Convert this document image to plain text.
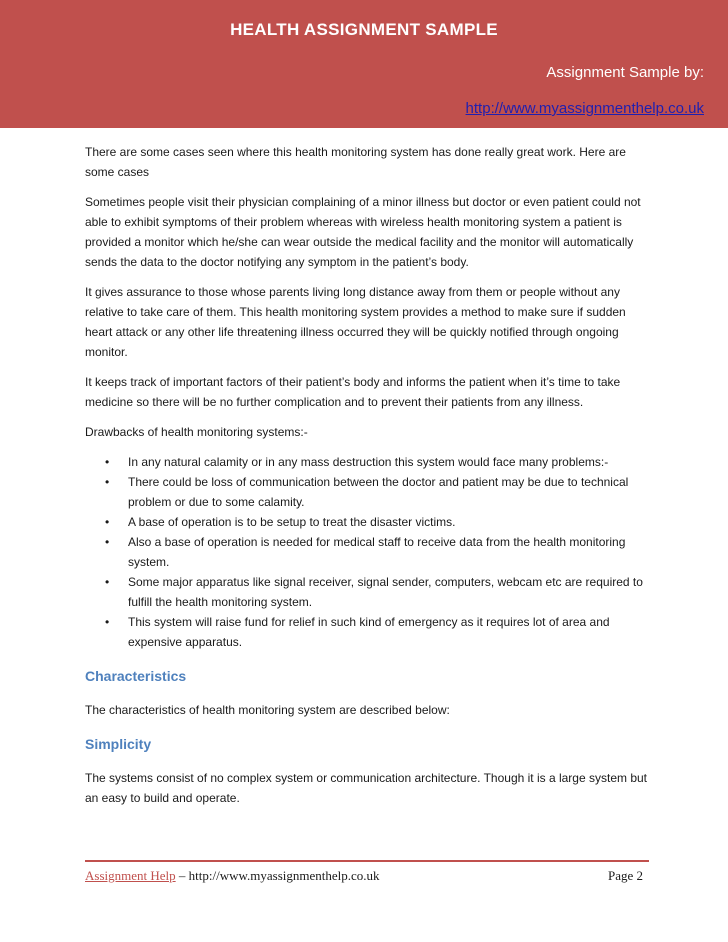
HEALTH ASSIGNMENT SAMPLE
Assignment Sample by:
http://www.myassignmenthelp.co.uk

There are some cases seen where this health monitoring system has done really great work. Here are some cases

Sometimes people visit their physician complaining of a minor illness but doctor or even patient could not able to exhibit symptoms of their problem whereas with wireless health monitoring system a patient is provided a monitor which he/she can wear outside the medical facility and the monitor will automatically sends the data to the doctor notifying any symptom in the patient’s body.

It gives assurance to those whose parents living long distance away from them or people without any relative to take care of them. This health monitoring system provides a method to make sure if sudden heart attack or any other life threatening illness occurred they will be quickly notified through ongoing monitor.

It keeps track of important factors of their patient’s body and informs the patient when it’s time to take medicine so there will be no further complication and to prevent their patients from any illness.

Drawbacks of health monitoring systems:-

• In any natural calamity or in any mass destruction this system would face many problems:-
• There could be loss of communication between the doctor and patient may be due to technical problem or due to some calamity.
• A base of operation is to be setup to treat the disaster victims.
• Also a base of operation is needed for medical staff to receive data from the health monitoring system.
• Some major apparatus like signal receiver, signal sender, computers, webcam etc are required to fulfill the health monitoring system.
• This system will raise fund for relief in such kind of emergency as it requires lot of area and expensive apparatus.
Characteristics

The characteristics of health monitoring system are described below:

Simplicity

The systems consist of no complex system or communication architecture. Though it is a large system but an easy to build and operate.

Assignment Help – http://www.myassignmenthelp.co.uk	Page 2
